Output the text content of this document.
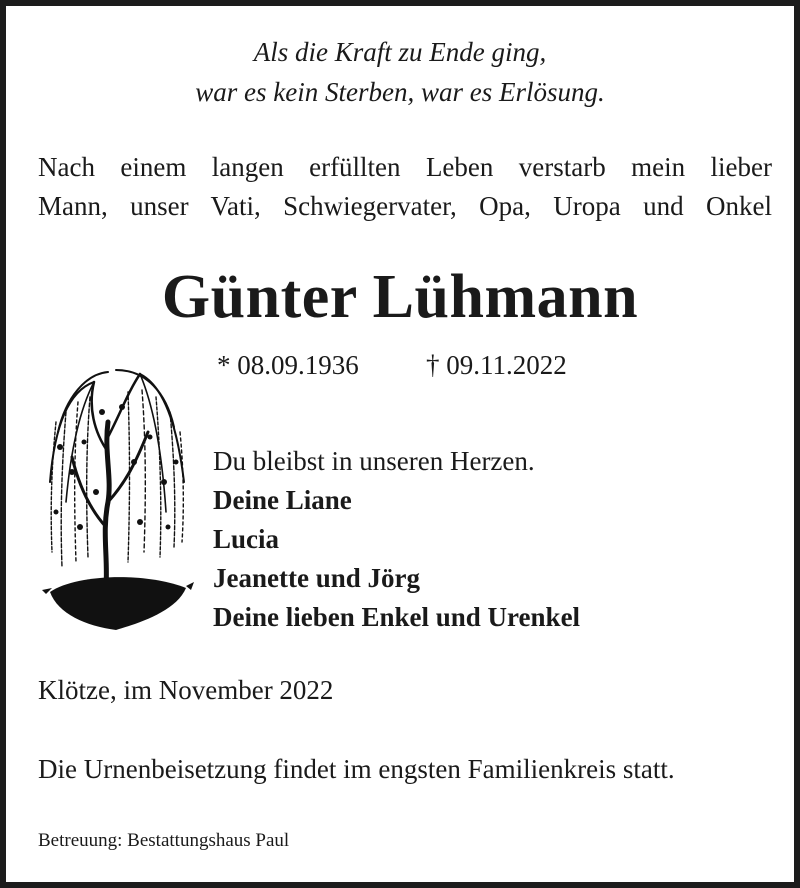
Als die Kraft zu Ende ging,
war es kein Sterben, war es Erlösung.
Nach einem langen erfüllten Leben verstarb mein lieber
Mann, unser Vati, Schwiegervater, Opa, Uropa und Onkel
Günter Lühmann
* 08.09.1936 † 09.11.2022
Du bleibst in unseren Herzen.
Deine Liane
Lucia
Jeanette und Jörg
Deine lieben Enkel und Urenkel
Klötze, im November 2022
Die Urnenbeisetzung findet im engsten Familienkreis statt.
Betreuung: Bestattungshaus Paul
